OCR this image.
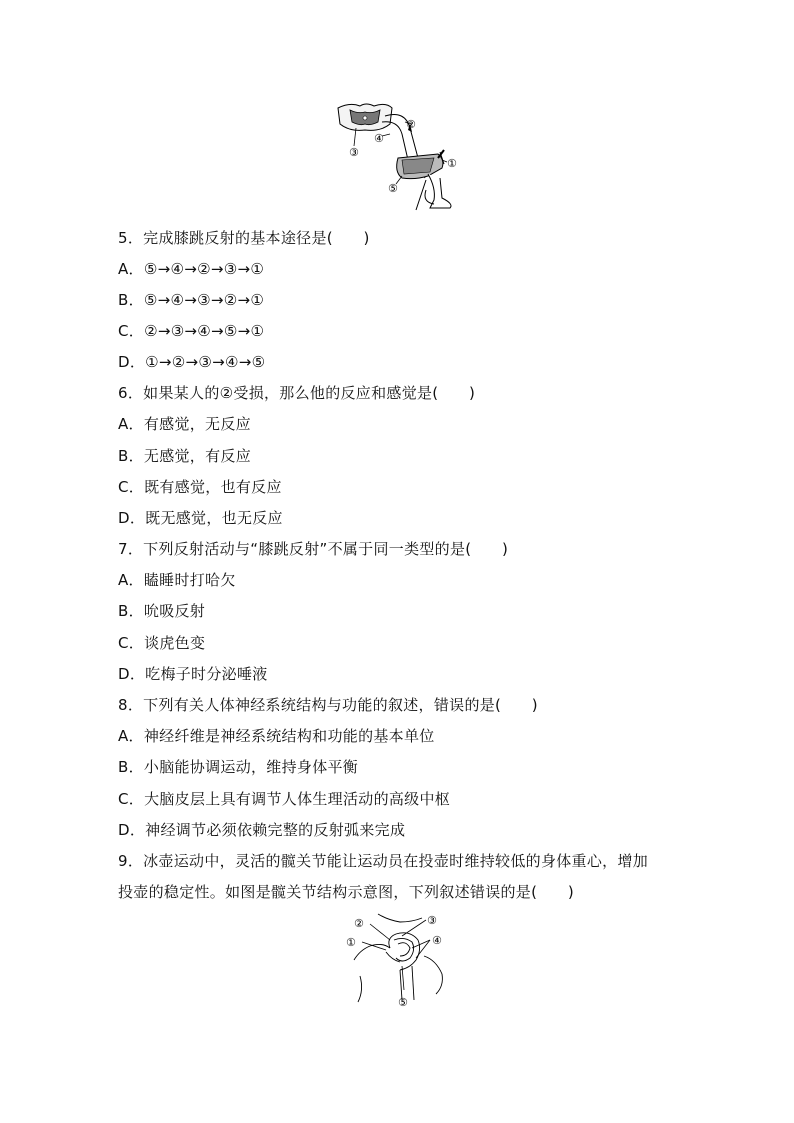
③
④
②
①
⑤
5．完成膝跳反射的基本途径是(　　)
A．⑤→④→②→③→①
B．⑤→④→③→②→①
C．②→③→④→⑤→①
D．①→②→③→④→⑤
6．如果某人的②受损，那么他的反应和感觉是(　　)
A．有感觉，无反应
B．无感觉，有反应
C．既有感觉，也有反应
D．既无感觉，也无反应
7．下列反射活动与“膝跳反射”不属于同一类型的是(　　)
A．瞌睡时打哈欠
B．吮吸反射
C．谈虎色变
D．吃梅子时分泌唾液
8．下列有关人体神经系统结构与功能的叙述，错误的是(　　)
A．神经纤维是神经系统结构和功能的基本单位
B．小脑能协调运动，维持身体平衡
C．大脑皮层上具有调节人体生理活动的高级中枢
D．神经调节必须依赖完整的反射弧来完成
9．冰壶运动中，灵活的髋关节能让运动员在投壶时维持较低的身体重心，增加
投壶的稳定性。如图是髋关节结构示意图，下列叙述错误的是(　　)
②	③
①	④
⑤
